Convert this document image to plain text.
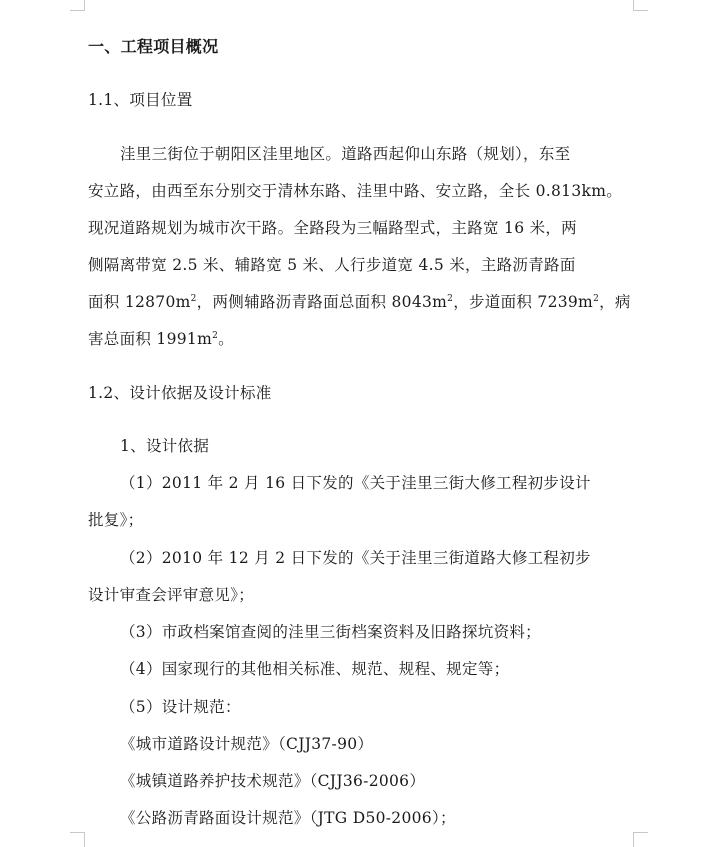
一、工程项目概况
1.1、项目位置
洼里三街位于朝阳区洼里地区。道路西起仰山东路（规划），东至
安立路，由西至东分别交于清林东路、洼里中路、安立路，全长 0.813km。
现况道路规划为城市次干路。全路段为三幅路型式，主路宽 16 米，两
侧隔离带宽 2.5 米、辅路宽 5 米、人行步道宽 4.5 米，主路沥青路面
面积 $12870m^2$，两侧辅路沥青路面总面积 $8043m^2$，步道面积 $7239m^2$，病
害总面积 $1991m^2$。
1.2、设计依据及设计标准
1、设计依据
（1）2011 年 2 月 16 日下发的《关于洼里三街大修工程初步设计
批复》；
（2）2010 年 12 月 2 日下发的《关于洼里三街道路大修工程初步
设计审查会评审意见》；
（3）市政档案馆查阅的洼里三街档案资料及旧路探坑资料；
（4）国家现行的其他相关标准、规范、规程、规定等；
（5）设计规范：
《城市道路设计规范》（CJJ37-90）
《城镇道路养护技术规范》（CJJ36-2006）
《公路沥青路面设计规范》（JTG D50-2006）；
